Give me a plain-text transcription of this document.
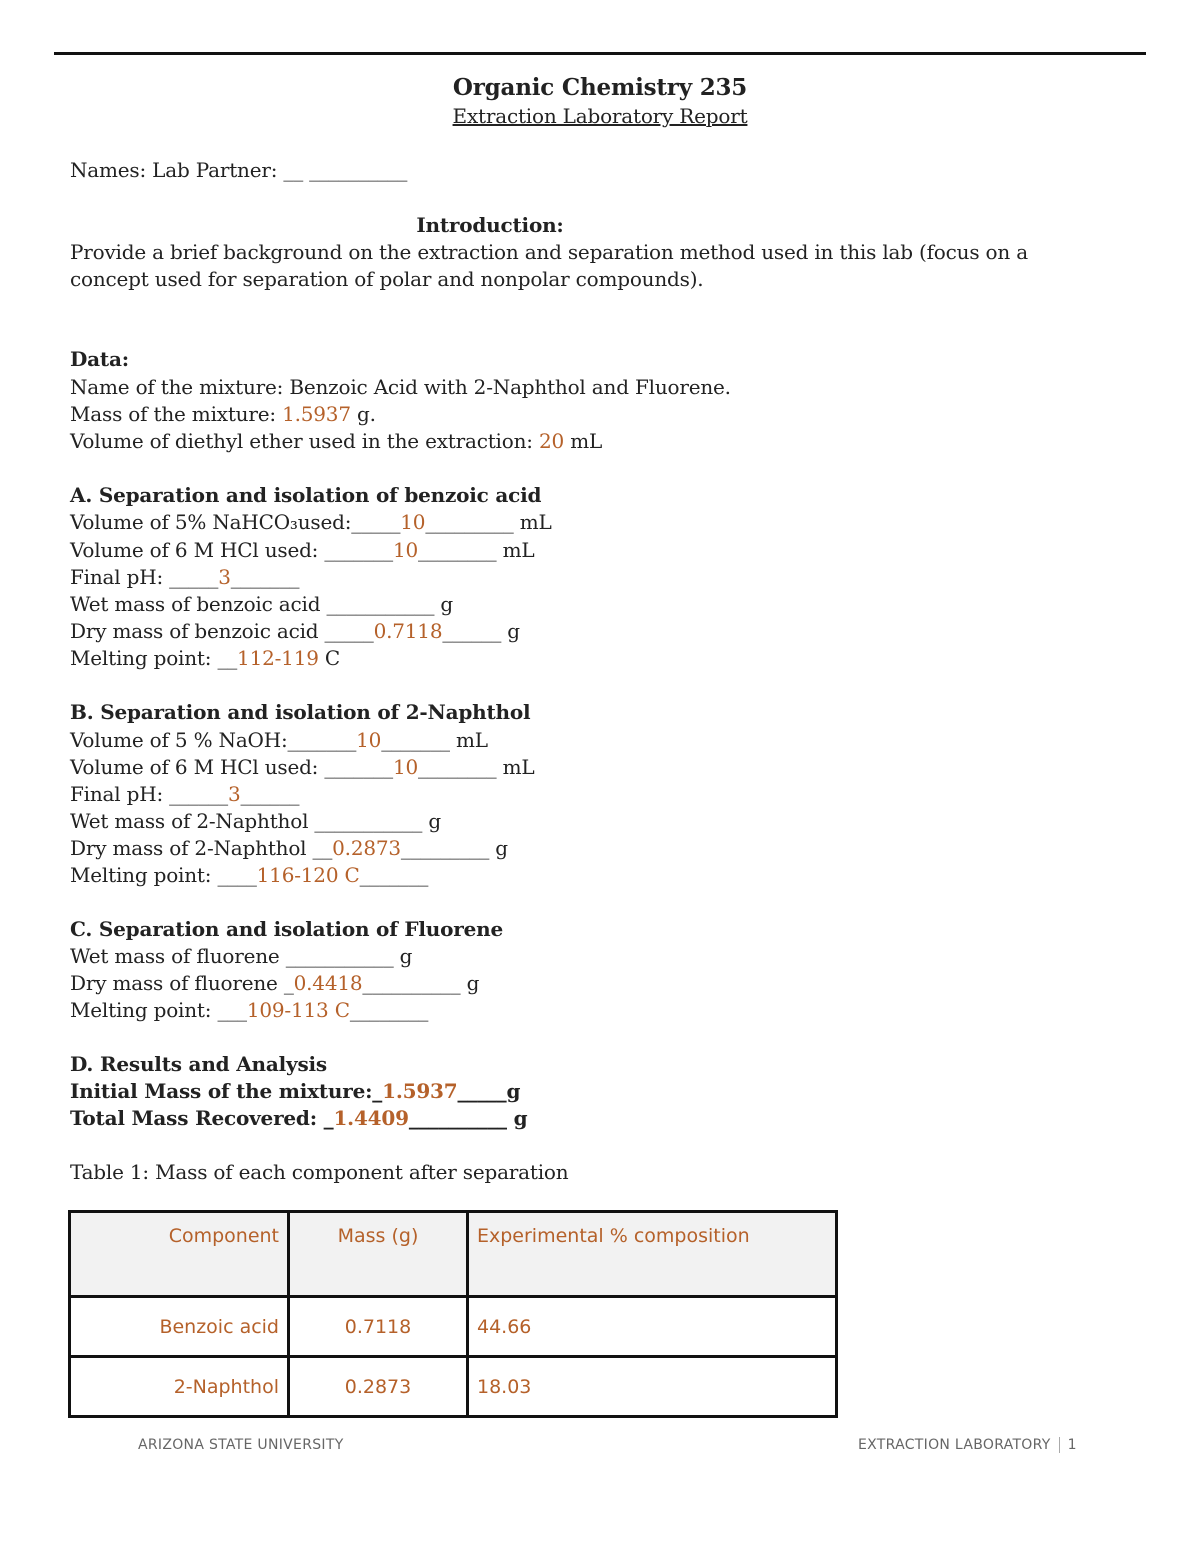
Organic Chemistry 235
Extraction Laboratory Report
Names: Lab Partner: __ __________
Introduction:
Provide a brief background on the extraction and separation method used in this lab (focus on a concept used for separation of polar and nonpolar compounds).
Data:
Name of the mixture: Benzoic Acid with 2-Naphthol and Fluorene.
Mass of the mixture: 1.5937 g.
Volume of diethyl ether used in the extraction: 20 mL
A. Separation and isolation of benzoic acid
Volume of 5% NaHCO₃used:_____10_________ mL
Volume of 6 M HCl used: _______10________ mL
Final pH: _____3_______
Wet mass of benzoic acid ___________ g
Dry mass of benzoic acid _____0.7118______ g
Melting point: __112-119 C
B. Separation and isolation of 2-Naphthol
Volume of 5 % NaOH:_______10_______ mL
Volume of 6 M HCl used: _______10________ mL
Final pH: ______3______
Wet mass of 2-Naphthol ___________ g
Dry mass of 2-Naphthol __0.2873_________ g
Melting point: ____116-120 C_______
C. Separation and isolation of Fluorene
Wet mass of fluorene ___________ g
Dry mass of fluorene _0.4418__________ g
Melting point: ___109-113 C________
D. Results and Analysis
Initial Mass of the mixture:_1.5937_____g
Total Mass Recovered: _1.4409__________ g
Table 1: Mass of each component after separation
Component	Mass (g)	Experimental % composition
Benzoic acid	0.7118	44.66
2-Naphthol	0.2873	18.03
ARIZONA STATE UNIVERSITY	EXTRACTION LABORATORY 1
